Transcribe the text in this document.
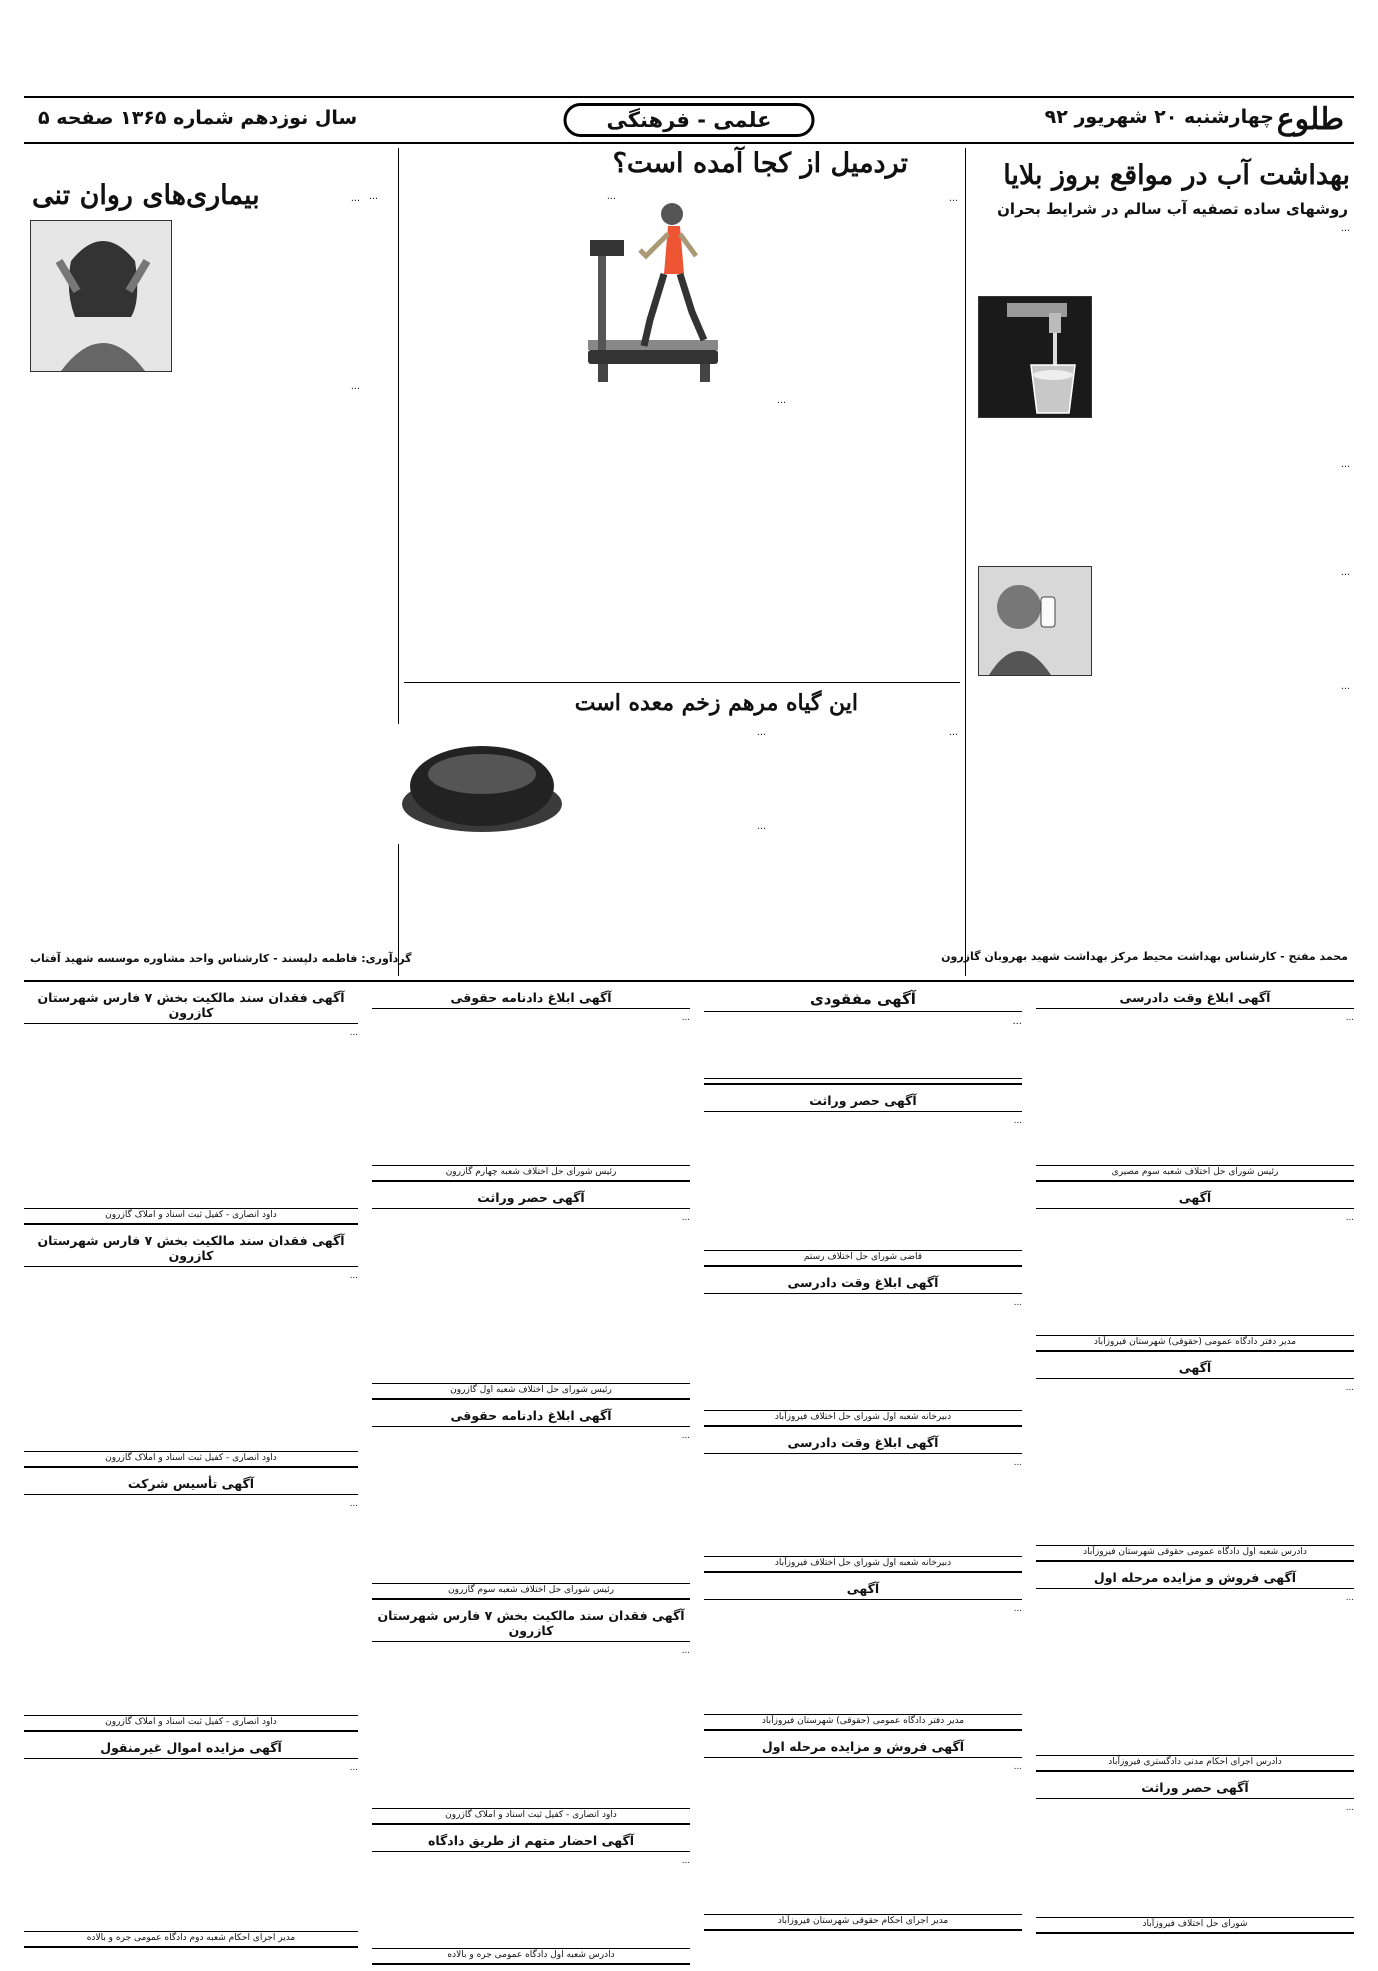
طلوع
چهارشنبه ۲۰ شهریور ۹۲
علمی - فرهنگی
سال نوزدهم شماره ۱۳۶۵ صفحه ۵
بهداشت آب در مواقع بروز بلایا
روشهای ساده تصفیه آب سالم در شرایط بحران
...
...
...
...
محمد مفتح - کارشناس بهداشت محیط مرکز بهداشت شهید بهروبان گازرون
تردمیل از کجا آمده است؟
...
...
...
این گیاه مرهم زخم معده است
...
...
...
بیماری‌های روان تنی	...
...
گردآوری: فاطمه دلپسند - کارشناس واحد مشاوره موسسه شهید آفتاب
...
آگهی ابلاغ وقت دادرسی
...
رئیس شورای حل اختلاف شعبه سوم مصیری
آگهی
...
مدیر دفتر دادگاه عمومی (حقوقی) شهرستان فیروزآباد
آگهی
...
دادرس شعبه اول دادگاه عمومی حقوقی شهرستان فیروزآباد
آگهی فروش و مزایده مرحله اول
...
دادرس اجرای احکام مدنی دادگستری فیروزآباد
آگهی حصر وراثت
...
شورای حل اختلاف فیروزآباد
آگهی مفقودی
...
آگهی حصر وراثت
...
قاضی شورای حل اختلاف رستم
آگهی ابلاغ وقت دادرسی
...
دبیرخانه شعبه اول شورای حل اختلاف فیروزآباد
آگهی ابلاغ وقت دادرسی
...
دبیرخانه شعبه اول شورای حل اختلاف فیروزآباد
آگهی
...
مدیر دفتر دادگاه عمومی (حقوقی) شهرستان فیروزآباد
آگهی فروش و مزایده مرحله اول
...
مدیر اجرای احکام حقوقی شهرستان فیروزآباد
آگهی ابلاغ دادنامه حقوقی
...
رئیس شورای حل اختلاف شعبه چهارم گازرون
آگهی حصر وراثت
...
رئیس شورای حل اختلاف شعبه اول گازرون
آگهی ابلاغ دادنامه حقوقی
...
رئیس شورای حل اختلاف شعبه سوم گازرون
آگهی فقدان سند مالکیت بخش ۷ فارس شهرستان کازرون
...
داود انصاری - کفیل ثبت اسناد و املاک گازرون
آگهی احضار متهم از طریق دادگاه
...
دادرس شعبه اول دادگاه عمومی جره و بالاده
آگهی فقدان سند مالکیت بخش ۷ فارس شهرستان کازرون
...
داود انصاری - کفیل ثبت اسناد و املاک گازرون
آگهی فقدان سند مالکیت بخش ۷ فارس شهرستان کازرون
...
داود انصاری - کفیل ثبت اسناد و املاک گازرون
آگهی تأسیس شرکت
...
داود انصاری - کفیل ثبت اسناد و املاک گازرون
آگهی مزایده اموال غیرمنقول
...
مدیر اجرای احکام شعبه دوم دادگاه عمومی جره و بالاده
